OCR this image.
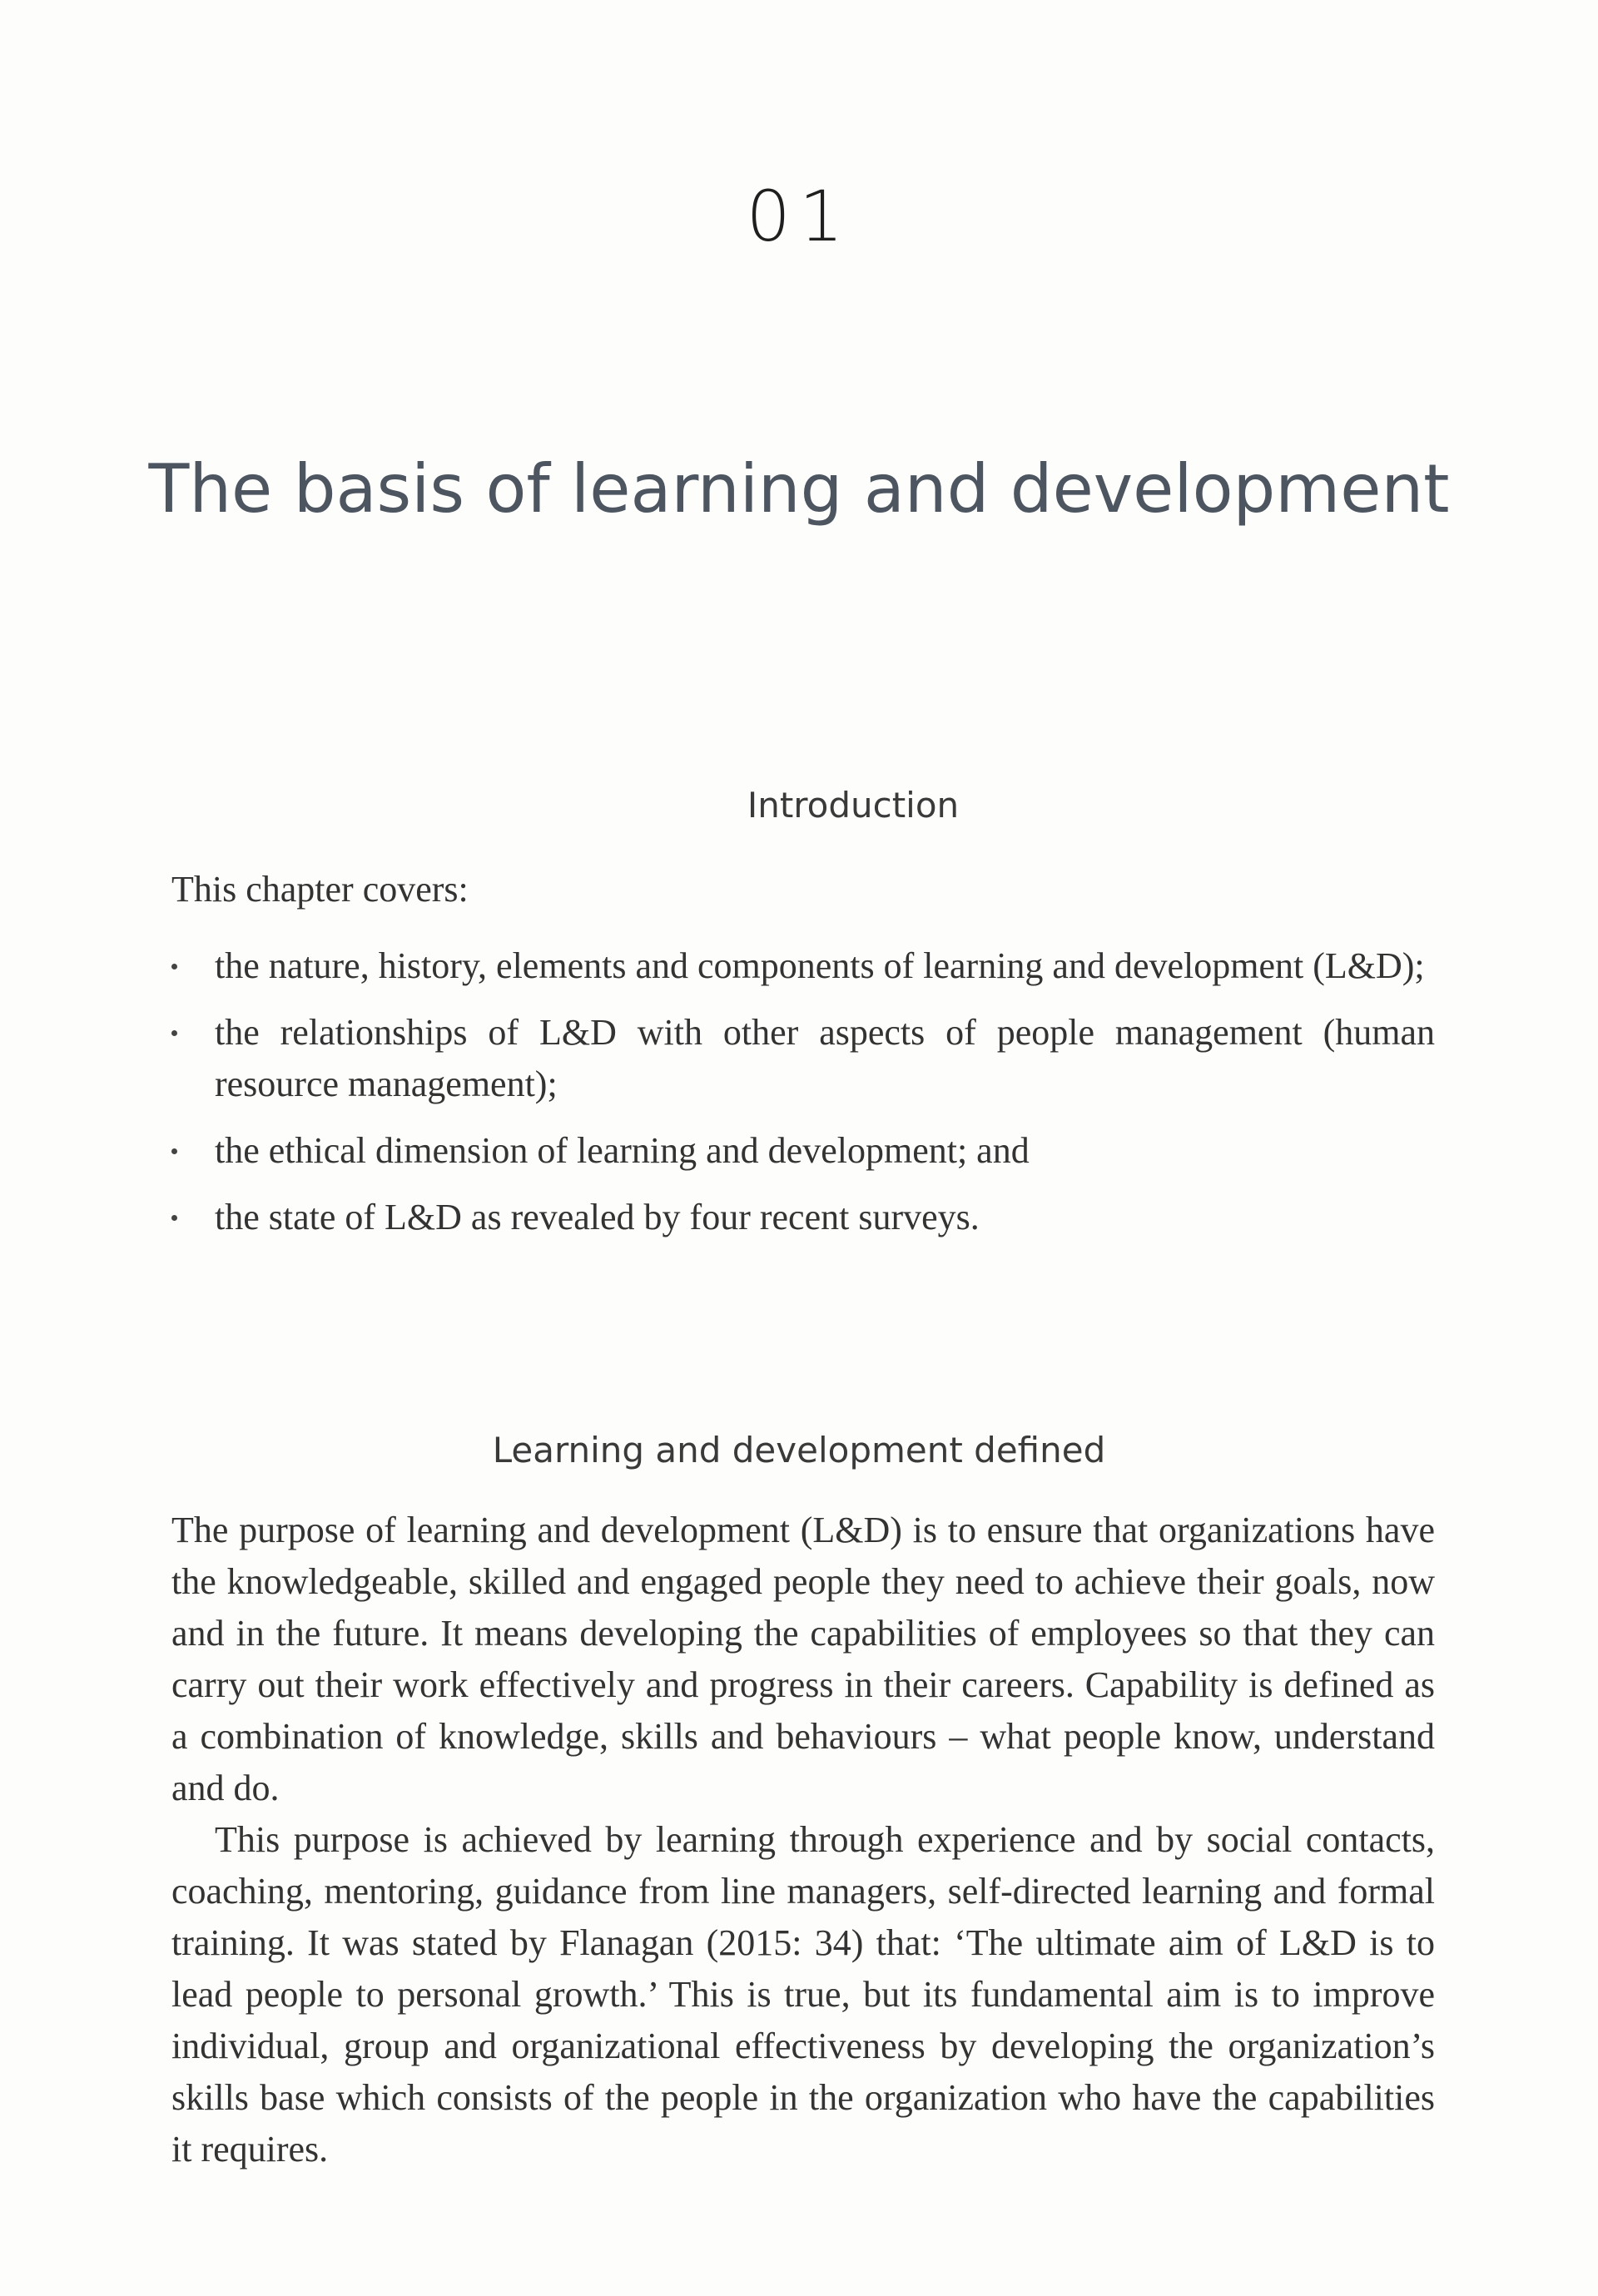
01
The basis of learning and development
Introduction
This chapter covers:
the nature, history, elements and components of learning and development (L&D);
the relationships of L&D with other aspects of people management (human resource management);
the ethical dimension of learning and development; and
the state of L&D as revealed by four recent surveys.
Learning and development defined

The purpose of learning and development (L&D) is to ensure that organizations have the knowledgeable, skilled and engaged people they need to achieve their goals, now and in the future. It means developing the capabilities of employees so that they can carry out their work effectively and progress in their careers. Capability is defined as a combination of knowledge, skills and behaviours – what people know, understand and do.

This purpose is achieved by learning through experience and by social contacts, coaching, mentoring, guidance from line managers, self-directed learning and formal training. It was stated by Flanagan (2015: 34) that: ‘The ultimate aim of L&D is to lead people to personal growth.’ This is true, but its fundamental aim is to improve individual, group and organizational effectiveness by developing the organization’s skills base which consists of the people in the organization who have the capabilities it requires.
